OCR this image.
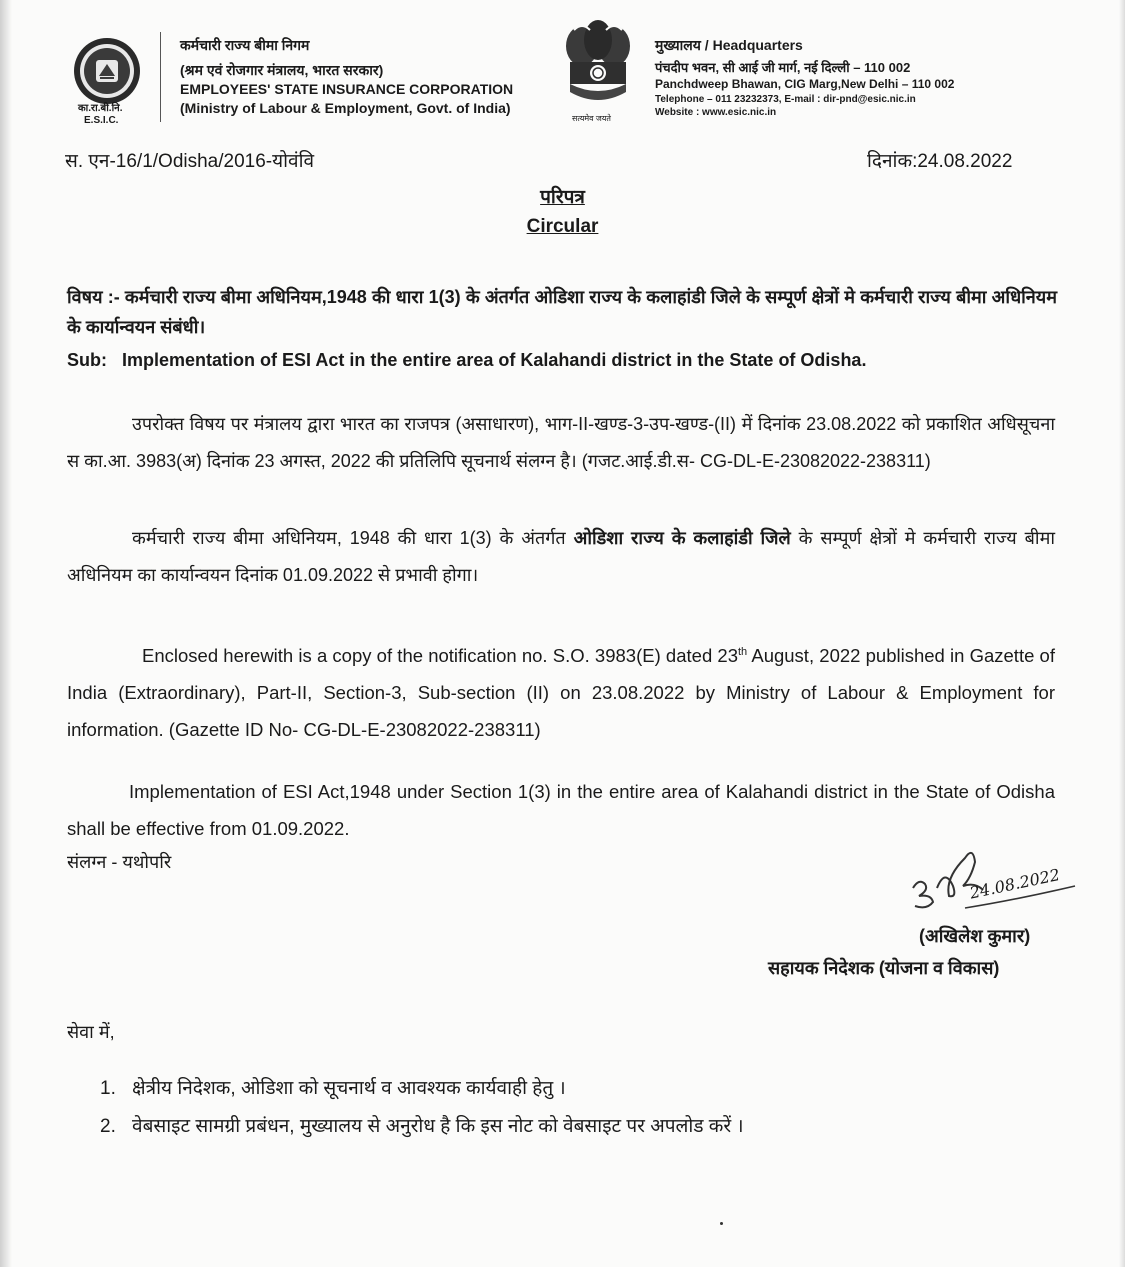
का.रा.बी.नि.
E.S.I.C.
कर्मचारी राज्य बीमा निगम
(श्रम एवं रोजगार मंत्रालय, भारत सरकार)
EMPLOYEES' STATE INSURANCE CORPORATION
(Ministry of Labour & Employment, Govt. of India)
सत्यमेव जयते
मुख्यालय / Headquarters
पंचदीप भवन, सी आई जी मार्ग, नई दिल्ली – 110 002
Panchdweep Bhawan, CIG Marg,New Delhi – 110 002
Telephone – 011 23232373, E-mail : dir-pnd@esic.nic.in
Website : www.esic.nic.in
स. एन-16/1/Odisha/2016-योवंवि	दिनांक:24.08.2022
परिपत्र
Circular
विषय :- कर्मचारी राज्य बीमा अधिनियम,1948 की धारा 1(3) के अंतर्गत ओडिशा राज्य के कलाहांडी जिले के सम्पूर्ण क्षेत्रों मे कर्मचारी राज्य बीमा अधिनियम के कार्यान्वयन संबंधी।
Sub:   Implementation of ESI Act in the entire area of Kalahandi district in the State of Odisha.
उपरोक्त विषय पर मंत्रालय द्वारा भारत का राजपत्र (असाधारण), भाग-II-खण्ड-3-उप-खण्ड-(II) में दिनांक 23.08.2022 को प्रकाशित अधिसूचना स का.आ. 3983(अ) दिनांक 23 अगस्त, 2022 की प्रतिलिपि सूचनार्थ संलग्न है। (गजट.आई.डी.स- CG-DL-E-23082022-238311)
कर्मचारी राज्य बीमा अधिनियम, 1948 की धारा 1(3) के अंतर्गत ओडिशा राज्य के कलाहांडी जिले के सम्पूर्ण क्षेत्रों मे कर्मचारी राज्य बीमा अधिनियम का कार्यान्वयन दिनांक 01.09.2022 से प्रभावी होगा।
Enclosed herewith is a copy of the notification no. S.O. 3983(E) dated 23th August, 2022 published in Gazette of India (Extraordinary), Part-II, Section-3, Sub-section (II) on 23.08.2022 by Ministry of Labour & Employment for information. (Gazette ID No- CG-DL-E-23082022-238311)
Implementation of ESI Act,1948 under Section 1(3) in the entire area of Kalahandi district in the State of Odisha shall be effective from 01.09.2022.
संलग्न - यथोपरि
24.08.2022
(अखिलेश कुमार)
सहायक निदेशक (योजना व विकास)
सेवा में,
1. क्षेत्रीय निदेशक, ओडिशा को सूचनार्थ व आवश्यक कार्यवाही हेतु ।
2. वेबसाइट सामग्री प्रबंधन, मुख्यालय से अनुरोध है कि इस नोट को वेबसाइट पर अपलोड करें ।
